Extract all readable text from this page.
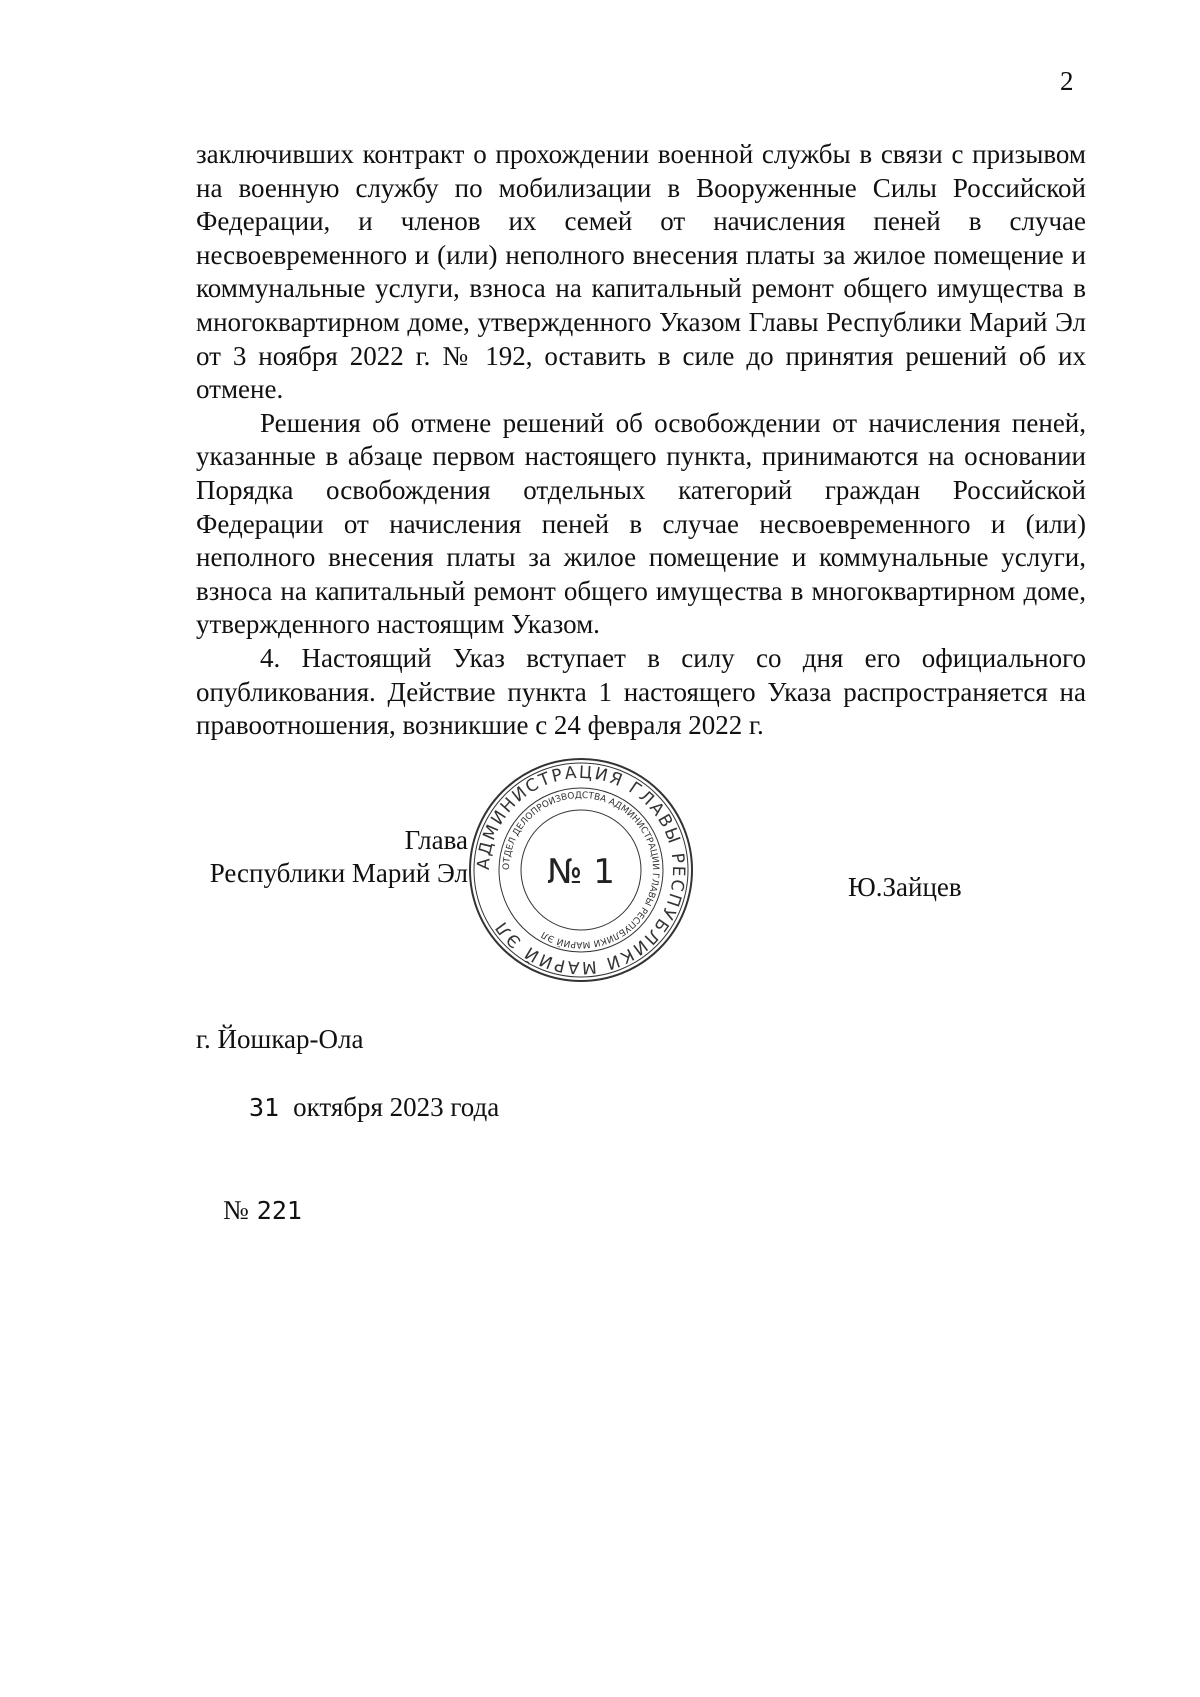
2

заключивших контракт о прохождении военной службы в связи с призывом на военную службу по мобилизации в Вооруженные Силы Российской Федерации, и членов их семей от начисления пеней в случае несвоевременного и (или) неполного внесения платы за жилое помещение и коммунальные услуги, взноса на капитальный ремонт общего имущества в многоквартирном доме, утвержденного Указом Главы Республики Марий Эл от 3 ноября 2022 г. № 192, оставить в силе до принятия решений об их отмене.

Решения об отмене решений об освобождении от начисления пеней, указанные в абзаце первом настоящего пункта, принимаются на основании Порядка освобождения отдельных категорий граждан Российской Федерации от начисления пеней в случае несвоевременного и (или) неполного внесения платы за жилое помещение и коммунальные услуги, взноса на капитальный ремонт общего имущества в многоквартирном доме, утвержденного настоящим Указом.

4. Настоящий Указ вступает в силу со дня его официального опубликования. Действие пункта 1 настоящего Указа распространяется на правоотношения, возникшие с 24 февраля 2022 г.

Глава
Республики Марий Эл АДМИНИСТРАЦИЯ ГЛАВЫ РЕСПУБЛИКИ МАРИЙ ЭЛ
ОТДЕЛ ДЕЛОПРОИЗВОДСТВА АДМИНИСТРАЦИИ ГЛАВЫ РЕСПУБЛИКИ МАРИЙ ЭЛ
№ 1	Ю.Зайцев
г. Йошкар-Ола

31 октября 2023 года

№ 221
